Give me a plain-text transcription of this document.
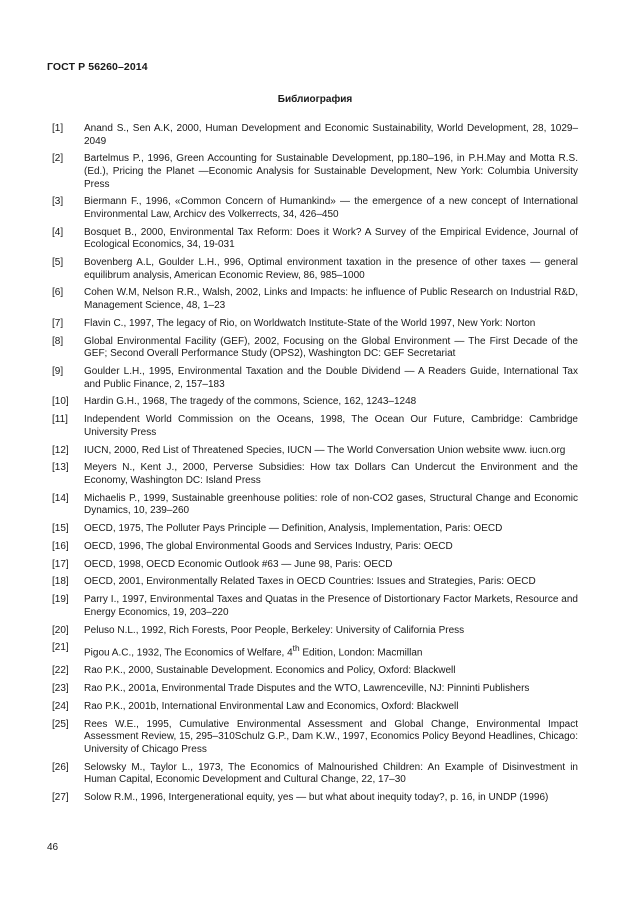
ГОСТ Р 56260–2014
Библиография
[1]	Anand S., Sen A.K, 2000, Human Development and Economic Sustainability, World Development, 28, 1029–2049
[2]	Bartelmus P., 1996, Green Accounting for Sustainable Development, pp.180–196, in P.H.May and Motta R.S. (Ed.), Pricing the Planet —Economic Analysis for Sustainable Development, New York: Columbia University Press
[3]	Biermann F., 1996, «Common Concern of Humankind» — the emergence of a new concept of International Environmental Law, Archicv des Volkerrects, 34, 426–450
[4]	Bosquet B., 2000, Environmental Tax Reform: Does it Work? A Survey of the Empirical Evidence, Journal of Ecological Economics, 34, 19-031
[5]	Bovenberg A.L, Goulder L.H., 996, Optimal environment taxation in the presence of other taxes — general equilibrum analysis, American Economic Review, 86, 985–1000
[6]	Cohen W.M, Nelson R.R., Walsh, 2002, Links and Impacts: he influence of Public Research on Industrial R&D, Management Science, 48, 1–23
[7]	Flavin C., 1997, The legacy of Rio, on Worldwatch Institute-State of the World 1997, New York: Norton
[8]	Global Environmental Facility (GEF), 2002, Focusing on the Global Environment — The First Decade of the GEF; Second Overall Performance Study (OPS2), Washington DC: GEF Secretariat
[9]	Goulder L.H., 1995, Environmental Taxation and the Double Dividend — A Readers Guide, International Tax and Public Finance, 2, 157–183
[10]	Hardin G.H., 1968, The tragedy of the commons, Science, 162, 1243–1248
[11]	Independent World Commission on the Oceans, 1998, The Ocean Our Future, Cambridge: Cambridge University Press
[12]	IUCN, 2000, Red List of Threatened Species, IUCN — The World Conversation Union website www. iucn.org
[13]	Meyers N., Kent J., 2000, Perverse Subsidies: How tax Dollars Can Undercut the Environment and the Economy, Washington DC: Island Press
[14]	Michaelis P., 1999, Sustainable greenhouse polities: role of non-CO2 gases, Structural Change and Economic Dynamics, 10, 239–260
[15]	OECD, 1975, The Polluter Pays Principle — Definition, Analysis, Implementation, Paris: OECD
[16]	OECD, 1996, The global Environmental Goods and Services Industry, Paris: OECD
[17]	OECD, 1998, OECD Economic Outlook #63 — June 98, Paris: OECD
[18]	OECD, 2001, Environmentally Related Taxes in OECD Countries: Issues and Strategies, Paris: OECD
[19]	Parry I., 1997, Environmental Taxes and Quatas in the Presence of Distortionary Factor Markets, Resource and Energy Economics, 19, 203–220
[20]	Peluso N.L., 1992, Rich Forests, Poor People, Berkeley: University of California Press
[21]	Pigou A.C., 1932, The Economics of Welfare, 4th Edition, London: Macmillan
[22]	Rao P.K., 2000, Sustainable Development. Economics and Policy, Oxford: Blackwell
[23]	Rao P.K., 2001a, Environmental Trade Disputes and the WTO, Lawrenceville, NJ: Pinninti Publishers
[24]	Rao P.K., 2001b, International Environmental Law and Economics, Oxford: Blackwell
[25]	Rees W.E., 1995, Cumulative Environmental Assessment and Global Change, Environmental Impact Assessment Review, 15, 295–310Schulz G.P., Dam K.W., 1997, Economics Policy Beyond Headlines, Chicago: University of Chicago Press
[26]	Selowsky M., Taylor L., 1973, The Economics of Malnourished Children: An Example of Disinvestment in Human Capital, Economic Development and Cultural Change, 22, 17–30
[27]	Solow R.M., 1996, Intergenerational equity, yes — but what about inequity today?, p. 16, in UNDP (1996)
46
